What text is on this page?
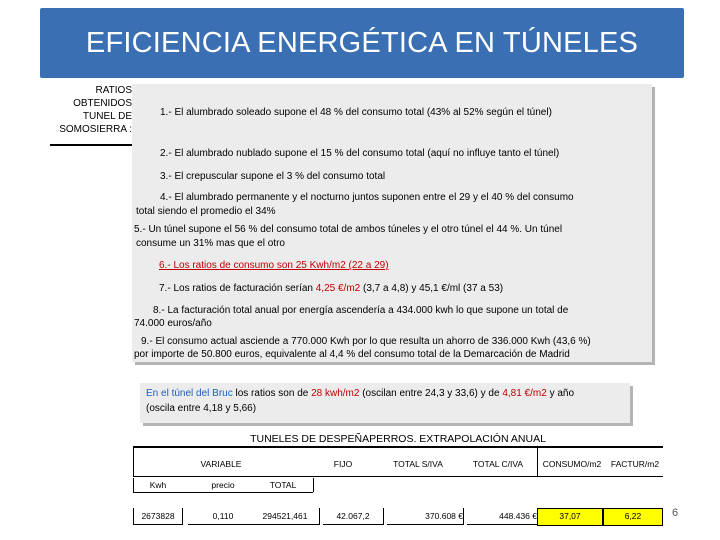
EFICIENCIA ENERGÉTICA EN TÚNELES
RATIOS
OBTENIDOS
TUNEL DE
SOMOSIERRA :
1.- El alumbrado soleado supone el 48 % del consumo total (43% al 52% según el túnel)
2.- El alumbrado nublado supone el 15 % del consumo total (aquí no influye tanto el túnel)
3.- El crepuscular supone el 3 % del consumo total
4.- El alumbrado permanente y el nocturno juntos suponen entre el 29 y el 40 % del consumo
total siendo el promedio el 34%
5.- Un túnel supone el 56 % del consumo total de ambos túneles y el otro túnel el 44 %. Un túnel
consume un 31% mas que el otro
6.- Los ratios de consumo son 25 Kwh/m2 (22 a 29)
7.- Los ratios de facturación serían 4,25 €/m2 (3,7 a 4,8) y 45,1 €/ml (37 a 53)
8.- La facturación total anual por energía ascendería a 434.000 kwh lo que supone un total de
74.000 euros/año
9.- El consumo actual asciende a 770.000 Kwh por lo que resulta un ahorro de 336.000 Kwh (43,6 %)
por importe de 50.800 euros, equivalente al 4,4 % del consumo total de la Demarcación de Madrid
En el túnel del Bruc los ratios son de 28 kwh/m2 (oscilan entre 24,3 y 33,6) y de 4,81 €/m2 y año
(oscila entre 4,18 y 5,66)
TUNELES DE DESPEÑAPERROS. EXTRAPOLACIÓN ANUAL
VARIABLE	FIJO	TOTAL S/IVA	TOTAL C/IVA	CONSUMO/m2	FACTUR/m2
Kwh	precio	TOTAL
2673828	0,110	294521,461	42.067,2	370.608 €	448.436 €	37,07	6,22	6
